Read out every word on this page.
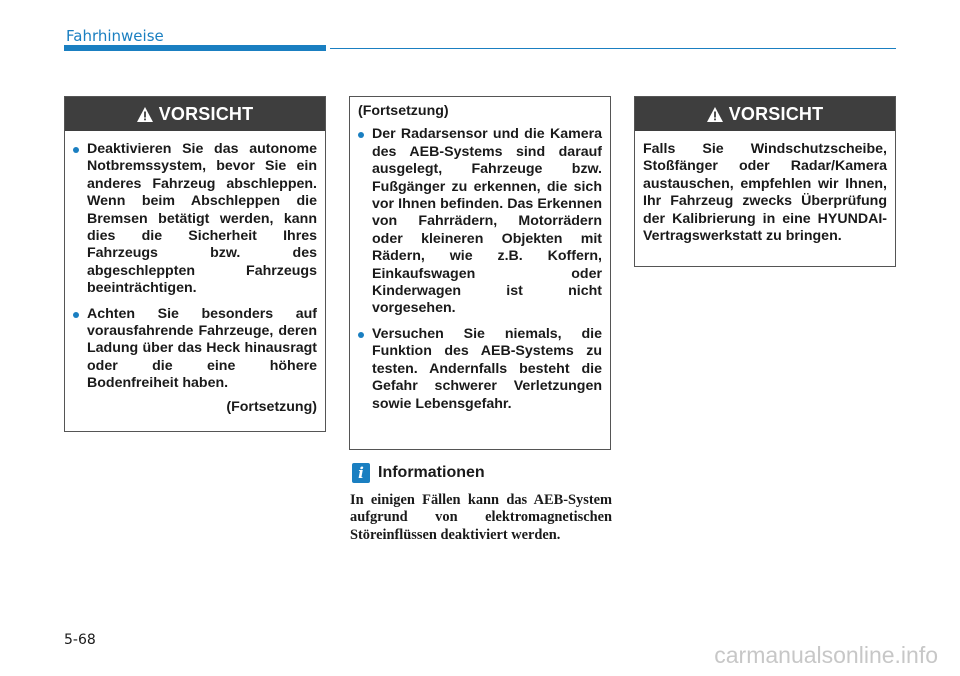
Fahrhinweise
VORSICHT
Deaktivieren Sie das autonome Notbremssystem, bevor Sie ein anderes Fahrzeug abschleppen. Wenn beim Abschleppen die Bremsen betätigt werden, kann dies die Sicherheit Ihres Fahrzeugs bzw. des abgeschleppten Fahrzeugs beeinträchtigen.
Achten Sie besonders auf vorausfahrende Fahrzeuge, deren Ladung über das Heck hinausragt oder die eine höhere Bodenfreiheit haben.
(Fortsetzung)
(Fortsetzung)
Der Radarsensor und die Kamera des AEB-Systems sind darauf ausgelegt, Fahrzeuge bzw. Fußgänger zu erkennen, die sich vor Ihnen befinden. Das Erkennen von Fahrrädern, Motorrädern oder kleineren Objekten mit Rädern, wie z.B. Koffern, Einkaufswagen oder Kinderwagen ist nicht vorgesehen.
Versuchen Sie niemals, die Funktion des AEB-Systems zu testen. Andernfalls besteht die Gefahr schwerer Verletzungen sowie Lebensgefahr.
VORSICHT
Falls Sie Windschutzscheibe, Stoßfänger oder Radar/Kamera austauschen, empfehlen wir Ihnen, Ihr Fahrzeug zwecks Überprüfung der Kalibrierung in eine HYUNDAI-Vertragswerkstatt zu bringen.
i Informationen
In einigen Fällen kann das AEB-System aufgrund von elektromagnetischen Störeinflüssen deaktiviert werden.
5-68
carmanualsonline.info
